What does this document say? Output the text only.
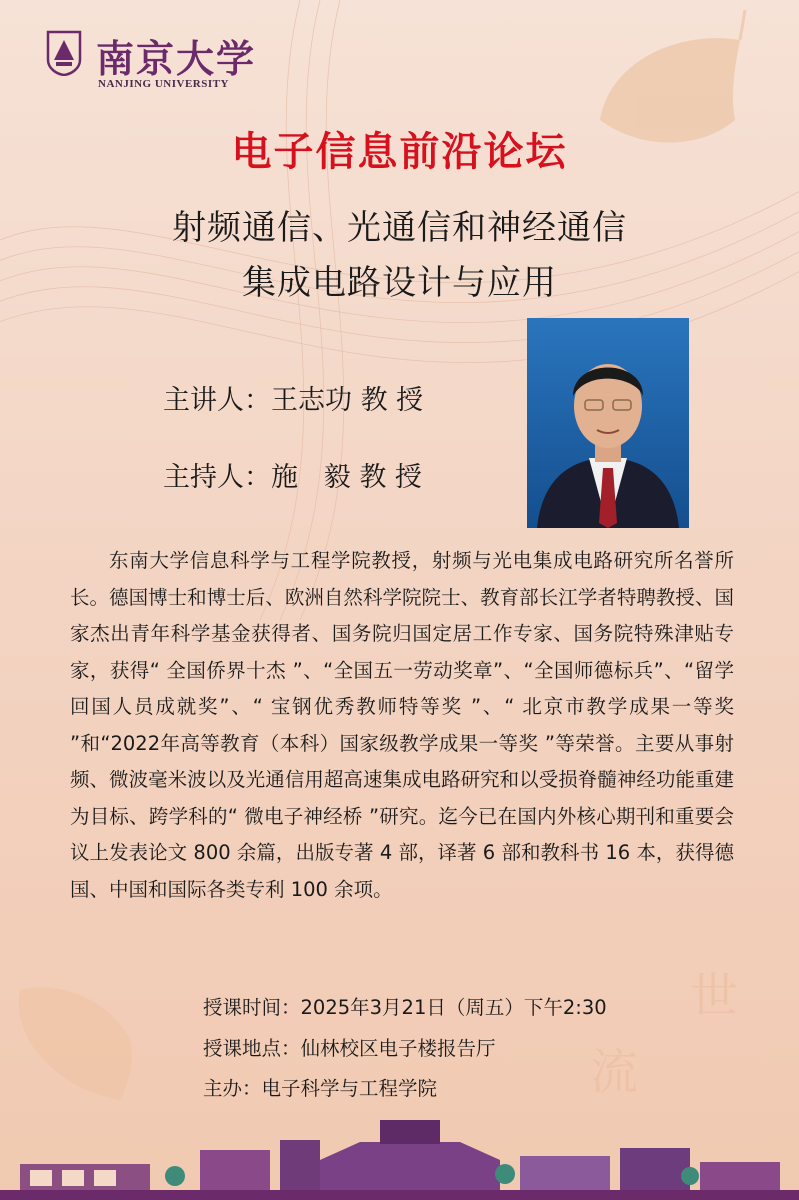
世
流
南京大学
NANJING UNIVERSITY
电子信息前沿论坛
射频通信、光通信和神经通信
集成电路设计与应用
主讲人：王志功 教 授
主持人：施   毅 教 授
东南大学信息科学与工程学院教授，射频与光电集成电路研究所名誉所长。德国博士和博士后、欧洲自然科学院院士、教育部长江学者特聘教授、国家杰出青年科学基金获得者、国务院归国定居工作专家、国务院特殊津贴专家，获得“ 全国侨界十杰 ”、“全国五一劳动奖章”、“全国师德标兵”、“留学回国人员成就奖”、“ 宝钢优秀教师特等奖 ”、“ 北京市教学成果一等奖 ”和“2022年高等教育（本科）国家级教学成果一等奖 ”等荣誉。主要从事射频、微波毫米波以及光通信用超高速集成电路研究和以受损脊髓神经功能重建为目标、跨学科的“ 微电子神经桥 ”研究。迄今已在国内外核心期刊和重要会议上发表论文 800 余篇，出版专著 4 部，译著 6 部和教科书 16 本，获得德国、中国和国际各类专利 100 余项。
授课时间：2025年3月21日（周五）下午2:30
授课地点：仙林校区电子楼报告厅
主办：电子科学与工程学院
